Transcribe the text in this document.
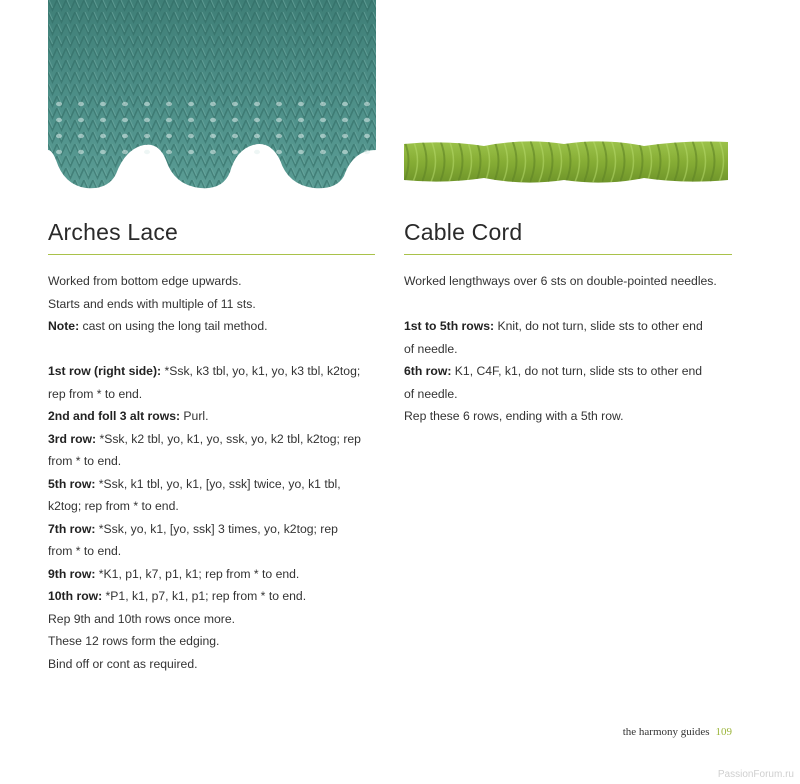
Arches Lace

Worked from bottom edge upwards.

Starts and ends with multiple of 11 sts.

Note: cast on using the long tail method.

1st row (right side): *Ssk, k3 tbl, yo, k1, yo, k3 tbl, k2tog;

rep from * to end.

2nd and foll 3 alt rows: Purl.

3rd row: *Ssk, k2 tbl, yo, k1, yo, ssk, yo, k2 tbl, k2tog; rep

from * to end.

5th row: *Ssk, k1 tbl, yo, k1, [yo, ssk] twice, yo, k1 tbl,

k2tog; rep from * to end.

7th row: *Ssk, yo, k1, [yo, ssk] 3 times, yo, k2tog; rep

from * to end.

9th row: *K1, p1, k7, p1, k1; rep from * to end.

10th row: *P1, k1, p7, k1, p1; rep from * to end.

Rep 9th and 10th rows once more.

These 12 rows form the edging.

Bind off or cont as required.

Cable Cord

Worked lengthways over 6 sts on double-pointed needles.

1st to 5th rows: Knit, do not turn, slide sts to other end

of needle.

6th row: K1, C4F, k1, do not turn, slide sts to other end

of needle.

Rep these 6 rows, ending with a 5th row.

the harmony guides 109
PassionForum.ru
